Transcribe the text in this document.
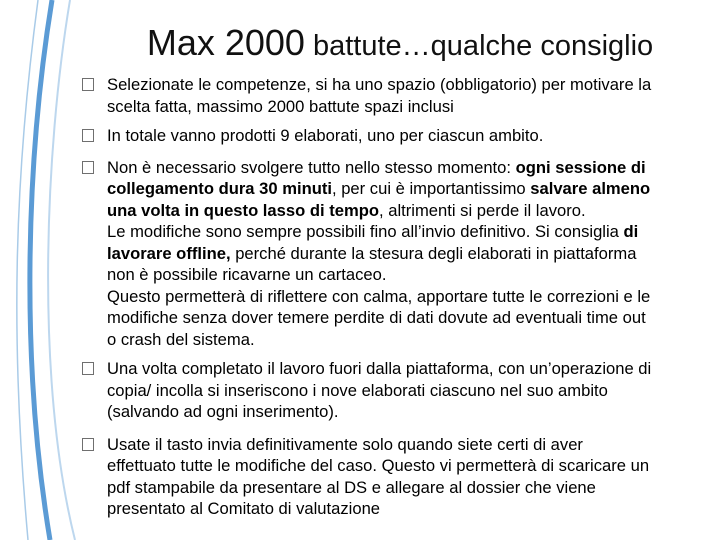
Max 2000 battute…qualche consiglio
Selezionate le competenze, si ha uno spazio (obbligatorio) per motivare la
scelta fatta, massimo 2000 battute spazi inclusi
In totale vanno prodotti 9 elaborati, uno per ciascun ambito.
Non è necessario svolgere tutto nello stesso momento: ogni sessione di
collegamento dura 30 minuti, per cui è importantissimo salvare almeno
una volta in questo lasso di tempo, altrimenti si perde il lavoro.
Le modifiche sono sempre possibili fino all’invio definitivo. Si consiglia di
lavorare offline, perché durante la stesura degli elaborati in piattaforma
non è possibile ricavarne un cartaceo.
Questo permetterà di riflettere con calma, apportare tutte le correzioni e le
modifiche senza dover temere perdite di dati dovute ad eventuali time out
o crash del sistema.
Una volta completato il lavoro fuori dalla piattaforma, con un’operazione di
copia/ incolla si inseriscono i nove elaborati ciascuno nel suo ambito
(salvando ad ogni inserimento).
Usate il tasto invia definitivamente solo quando siete certi di aver
effettuato tutte le modifiche del caso. Questo vi permetterà di scaricare un
pdf stampabile da presentare al DS e allegare al dossier che viene
presentato al Comitato di valutazione
